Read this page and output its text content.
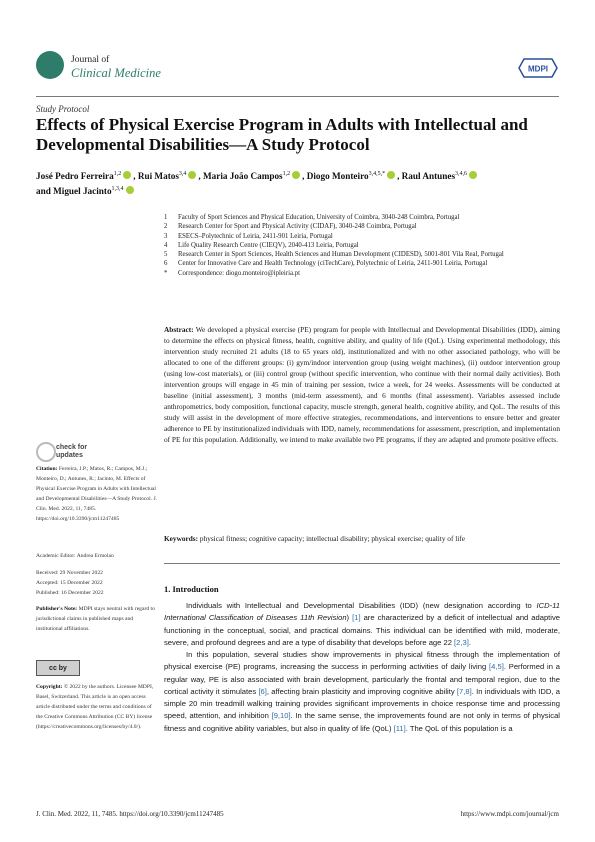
Journal of
Clinical Medicine	MDPI
Study Protocol
Effects of Physical Exercise Program in Adults with Intellectual and Developmental Disabilities—A Study Protocol
José Pedro Ferreira$^{1,2}$ , Rui Matos$^{3,4}$ , Maria João Campos$^{1,2}$ , Diogo Monteiro$^{3,4,5,*}$ , Raul Antunes$^{3,4,6}$
and Miguel Jacinto$^{1,3,4}$
1	Faculty of Sport Sciences and Physical Education, University of Coimbra, 3040-248 Coimbra, Portugal
2	Research Center for Sport and Physical Activity (CIDAF), 3040-248 Coimbra, Portugal
3	ESECS–Polytechnic of Leiria, 2411-901 Leiria, Portugal
4	Life Quality Research Centre (CIEQV), 2040-413 Leiria, Portugal
5	Research Center in Sport Sciences, Health Sciences and Human Development (CIDESD), 5001-801 Vila Real, Portugal
6	Center for Innovative Care and Health Technology (ciTechCare), Polytechnic of Leiria, 2411-901 Leiria, Portugal
*	Correspondence: diogo.monteiro@ipleiria.pt
Abstract: We developed a physical exercise (PE) program for people with Intellectual and Developmental Disabilities (IDD), aiming to determine the effects on physical fitness, health, cognitive ability, and quality of life (QoL). Using experimental methodology, this intervention study recruited 21 adults (18 to 65 years old), institutionalized and with no other associated pathology, who will be allocated to one of the different groups: (i) gym/indoor intervention group (using weight machines), (ii) outdoor intervention group (using low-cost materials), or (iii) control group (without specific intervention, who continue with their normal daily activities). Both intervention groups will engage in 45 min of training per session, twice a week, for 24 weeks. Assessments will be conducted at baseline (initial assessment), 3 months (mid-term assessment), and 6 months (final assessment). Variables assessed include anthropometrics, body composition, functional capacity, muscle strength, general health, cognitive ability, and QoL. The results of this study will assist in the development of more effective strategies, recommendations, and interventions to ensure better and greater adherence to PE by institutionalized individuals with IDD, namely, recommendations for assessment, prescription, and implementation of PE for this population. Additionally, we intend to make available two PE programs, if they are adapted and promote positive effects.
Keywords: physical fitness; cognitive capacity; intellectual disability; physical exercise; quality of life
check for
updates
Citation: Ferreira, J.P.; Matos, R.; Campos, M.J.; Monteiro, D.; Antunes, R.; Jacinto, M. Effects of Physical Exercise Program in Adults with Intellectual and Developmental Disabilities—A Study Protocol. J. Clin. Med. 2022, 11, 7485. https://doi.org/10.3390/jcm11247485
Academic Editor: Andrea Ermolao
Received: 29 November 2022
Accepted: 15 December 2022
Published: 16 December 2022
Publisher's Note: MDPI stays neutral with regard to jurisdictional claims in published maps and institutional affiliations.
cc by
Copyright: © 2022 by the authors. Licensee MDPI, Basel, Switzerland. This article is an open access article distributed under the terms and conditions of the Creative Commons Attribution (CC BY) license (https://creativecommons.org/licenses/by/4.0/).
1. Introduction

Individuals with Intellectual and Developmental Disabilities (IDD) (new designation according to ICD-11 International Classification of Diseases 11th Revision) [1] are characterized by a deficit of intellectual and adaptive functioning in the conceptual, social, and practical domains. This individual can be identified with mild, moderate, severe, and profound degrees and are a type of disability that develops before age 22 [2,3].

In this population, several studies show improvements in physical fitness through the implementation of physical exercise (PE) programs, increasing the success in performing activities of daily living [4,5]. Performed in a regular way, PE is also associated with brain development, particularly the frontal and temporal region, due to the cortical activity it stimulates [6], affecting brain plasticity and improving cognitive ability [7,8]. In individuals with IDD, a simple 20 min treadmill walking training provides significant improvements in choice response time and processing speed, attention, and inhibition [9,10]. In the same sense, the improvements found are not only in terms of physical fitness and cognitive ability variables, but also in quality of life (QoL) [11]. The QoL of this population is a

J. Clin. Med. 2022, 11, 7485. https://doi.org/10.3390/jcm11247485	https://www.mdpi.com/journal/jcm
